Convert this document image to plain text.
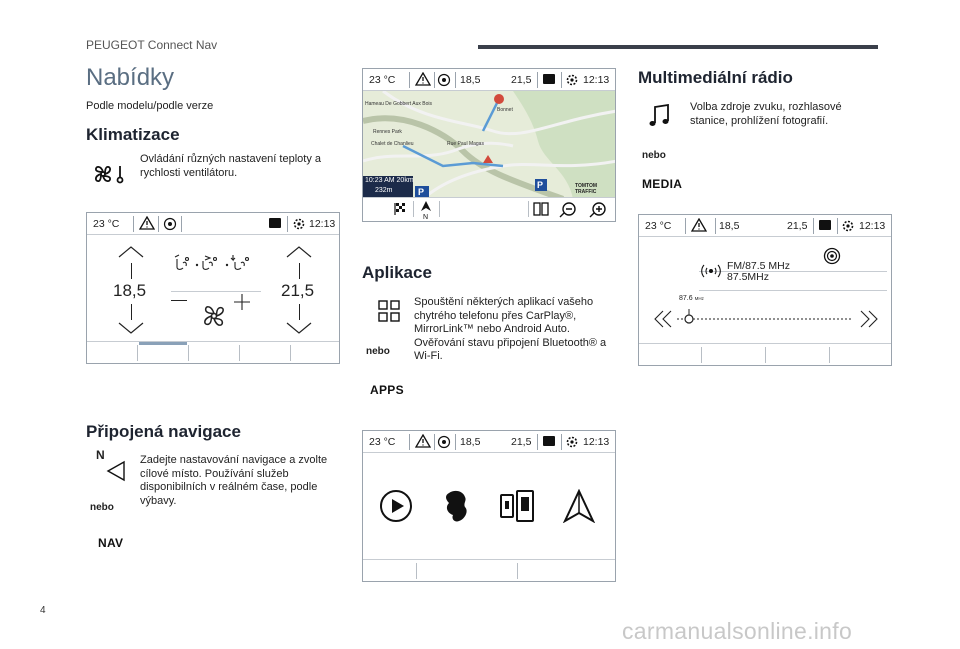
PEUGEOT Connect Nav
4
carmanualsonline.info
Nabídky
Podle modelu/podle verze
Klimatizace
Ovládání různých nastavení teploty a rychlosti ventilátoru.
23 °C	12:13
18,5	21,5
Připojená navigace
N	Zadejte nastavování navigace a zvolte cílové místo. Používání služeb disponibilních v reálném čase, podle výbavy.
nebo
NAV
23 °C	18,5	21,5	12:13
P
P
Hameau De Gobbert Aux Bois
Bonnet
Rennes Park
Chalet de Chanlieu	Rue Paul Magas
10:23 AM 20km
232m
TOMTOM TRAFFIC
N
Aplikace
Spouštění některých aplikací vašeho chytrého telefonu přes CarPlay®, MirrorLink™ nebo Android Auto. Ověřování stavu připojení Bluetooth® a Wi-Fi.
nebo
APPS
23 °C	18,5	21,5	12:13
Multimediální rádio
Volba zdroje zvuku, rozhlasové stanice, prohlížení fotografií.
nebo
MEDIA
23 °C	18,5	21,5	12:13
FM/87.5 MHz
87.5MHz
87.6 MHz
